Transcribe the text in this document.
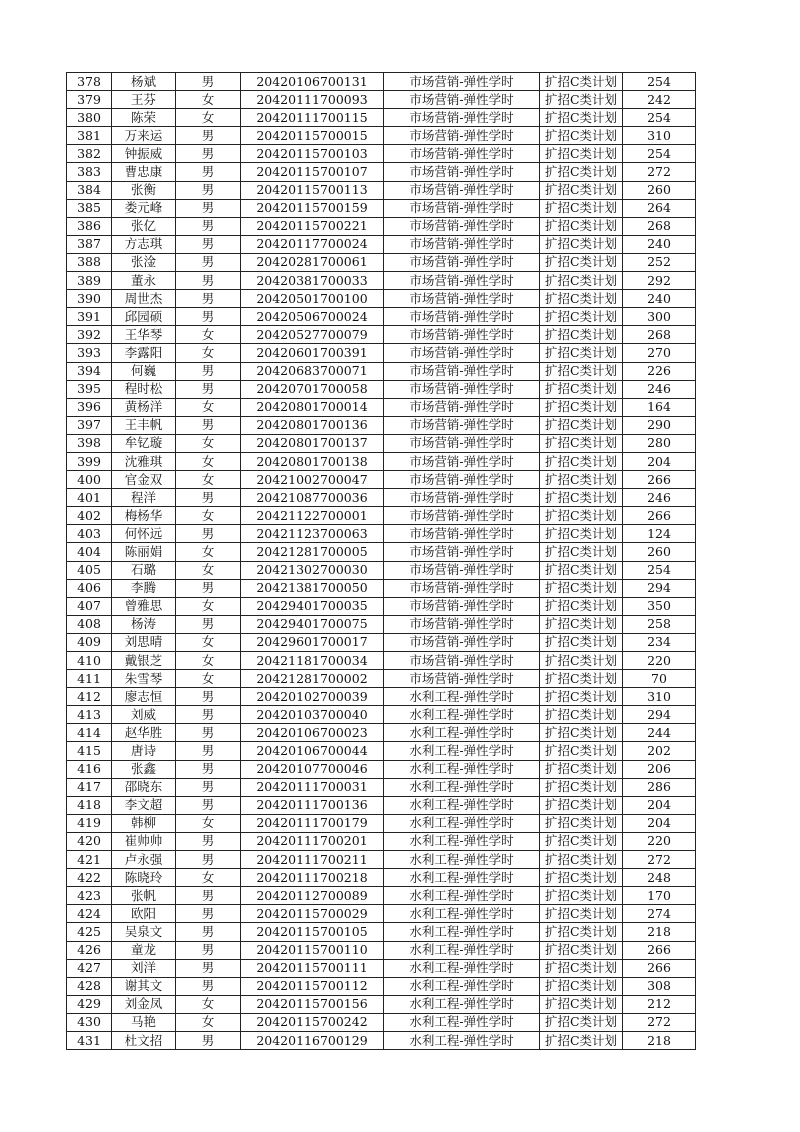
378	杨斌	男	20420106700131	市场营销-弹性学时	扩招C类计划	254
379	王芬	女	20420111700093	市场营销-弹性学时	扩招C类计划	242
380	陈荣	女	20420111700115	市场营销-弹性学时	扩招C类计划	254
381	万来运	男	20420115700015	市场营销-弹性学时	扩招C类计划	310
382	钟振威	男	20420115700103	市场营销-弹性学时	扩招C类计划	254
383	曹忠康	男	20420115700107	市场营销-弹性学时	扩招C类计划	272
384	张衡	男	20420115700113	市场营销-弹性学时	扩招C类计划	260
385	娄元峰	男	20420115700159	市场营销-弹性学时	扩招C类计划	264
386	张亿	男	20420115700221	市场营销-弹性学时	扩招C类计划	268
387	方志琪	男	20420117700024	市场营销-弹性学时	扩招C类计划	240
388	张淦	男	20420281700061	市场营销-弹性学时	扩招C类计划	252
389	董永	男	20420381700033	市场营销-弹性学时	扩招C类计划	292
390	周世杰	男	20420501700100	市场营销-弹性学时	扩招C类计划	240
391	邱园硕	男	20420506700024	市场营销-弹性学时	扩招C类计划	300
392	王华琴	女	20420527700079	市场营销-弹性学时	扩招C类计划	268
393	李露阳	女	20420601700391	市场营销-弹性学时	扩招C类计划	270
394	何巍	男	20420683700071	市场营销-弹性学时	扩招C类计划	226
395	程时松	男	20420701700058	市场营销-弹性学时	扩招C类计划	246
396	黄杨洋	女	20420801700014	市场营销-弹性学时	扩招C类计划	164
397	王丰帆	男	20420801700136	市场营销-弹性学时	扩招C类计划	290
398	牟钇璇	女	20420801700137	市场营销-弹性学时	扩招C类计划	280
399	沈雅琪	女	20420801700138	市场营销-弹性学时	扩招C类计划	204
400	官金双	女	20421002700047	市场营销-弹性学时	扩招C类计划	266
401	程洋	男	20421087700036	市场营销-弹性学时	扩招C类计划	246
402	梅杨华	女	20421122700001	市场营销-弹性学时	扩招C类计划	266
403	何怀远	男	20421123700063	市场营销-弹性学时	扩招C类计划	124
404	陈丽娟	女	20421281700005	市场营销-弹性学时	扩招C类计划	260
405	石璐	女	20421302700030	市场营销-弹性学时	扩招C类计划	254
406	李腾	男	20421381700050	市场营销-弹性学时	扩招C类计划	294
407	曾雅思	女	20429401700035	市场营销-弹性学时	扩招C类计划	350
408	杨涛	男	20429401700075	市场营销-弹性学时	扩招C类计划	258
409	刘思晴	女	20429601700017	市场营销-弹性学时	扩招C类计划	234
410	戴银芝	女	20421181700034	市场营销-弹性学时	扩招C类计划	220
411	朱雪琴	女	20421281700002	市场营销-弹性学时	扩招C类计划	70
412	廖志恒	男	20420102700039	水利工程-弹性学时	扩招C类计划	310
413	刘威	男	20420103700040	水利工程-弹性学时	扩招C类计划	294
414	赵华胜	男	20420106700023	水利工程-弹性学时	扩招C类计划	244
415	唐诗	男	20420106700044	水利工程-弹性学时	扩招C类计划	202
416	张鑫	男	20420107700046	水利工程-弹性学时	扩招C类计划	206
417	邵晓东	男	20420111700031	水利工程-弹性学时	扩招C类计划	286
418	李文超	男	20420111700136	水利工程-弹性学时	扩招C类计划	204
419	韩柳	女	20420111700179	水利工程-弹性学时	扩招C类计划	204
420	崔帅帅	男	20420111700201	水利工程-弹性学时	扩招C类计划	220
421	卢永强	男	20420111700211	水利工程-弹性学时	扩招C类计划	272
422	陈晓玲	女	20420111700218	水利工程-弹性学时	扩招C类计划	248
423	张帆	男	20420112700089	水利工程-弹性学时	扩招C类计划	170
424	欧阳	男	20420115700029	水利工程-弹性学时	扩招C类计划	274
425	吴泉文	男	20420115700105	水利工程-弹性学时	扩招C类计划	218
426	童龙	男	20420115700110	水利工程-弹性学时	扩招C类计划	266
427	刘洋	男	20420115700111	水利工程-弹性学时	扩招C类计划	266
428	谢其文	男	20420115700112	水利工程-弹性学时	扩招C类计划	308
429	刘金凤	女	20420115700156	水利工程-弹性学时	扩招C类计划	212
430	马艳	女	20420115700242	水利工程-弹性学时	扩招C类计划	272
431	杜文招	男	20420116700129	水利工程-弹性学时	扩招C类计划	218
